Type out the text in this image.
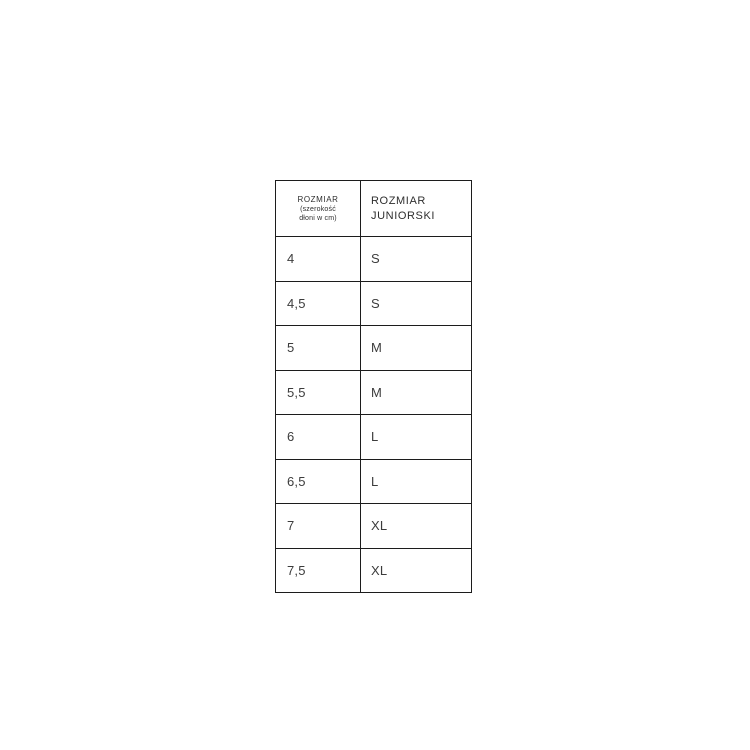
ROZMIAR
(szerokość
dłoni w cm)

ROZMIAR
JUNIORSKI

4	S
4,5	S
5	M
5,5	M
6	L
6,5	L
7	XL
7,5	XL
